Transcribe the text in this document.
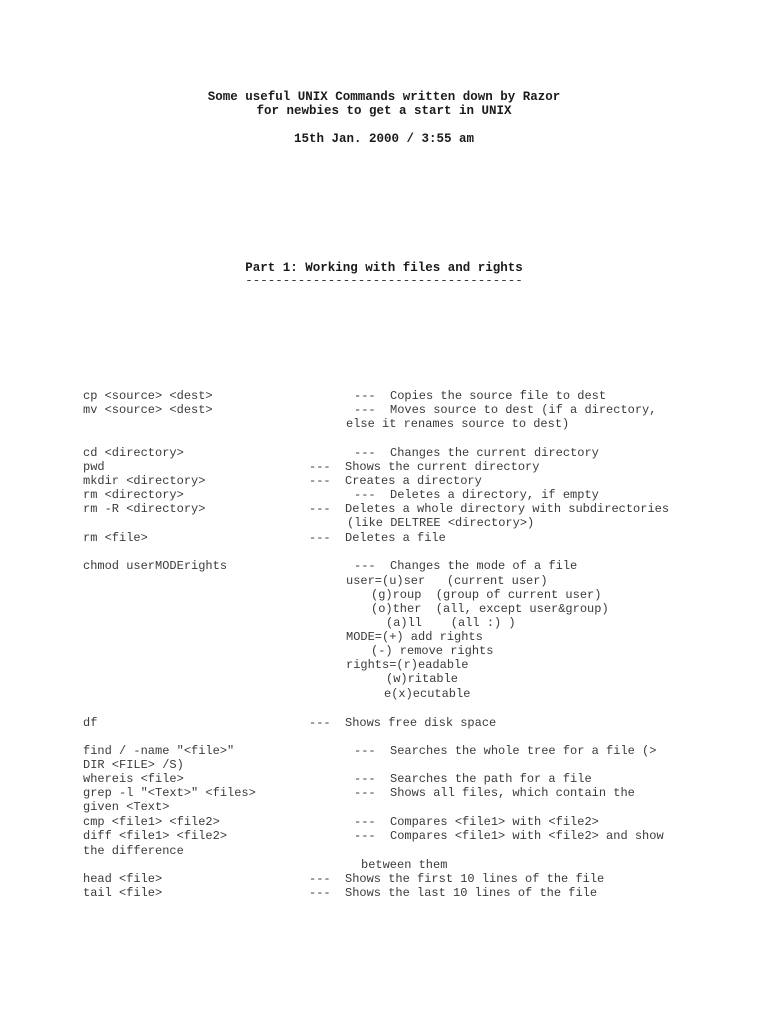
Some useful UNIX Commands written down by Razor
for newbies to get a start in UNIX
15th Jan. 2000 / 3:55 am
Part 1: Working with files and rights
-------------------------------------
cp <source> <dest>	---  Copies the source file to dest
mv <source> <dest>	---  Moves source to dest (if a directory,
else it renames source to dest)
cd <directory>	---  Changes the current directory
pwd	---  Shows the current directory
mkdir <directory>	---  Creates a directory
rm <directory>	---  Deletes a directory, if empty
rm -R <directory>	---  Deletes a whole directory with subdirectories
(like DELTREE <directory>)
rm <file>	---  Deletes a file
chmod userMODErights	---  Changes the mode of a file
user=(u)ser   (current user)
(g)roup  (group of current user)
(o)ther  (all, except user&group)
(a)ll    (all :) )
MODE=(+) add rights
(-) remove rights
rights=(r)eadable
(w)ritable
e(x)ecutable
df	---  Shows free disk space
find / -name "<file>"	---  Searches the whole tree for a file (>
DIR <FILE> /S)
whereis <file>	---  Searches the path for a file
grep -l "<Text>" <files>	---  Shows all files, which contain the
given <Text>
cmp <file1> <file2>	---  Compares <file1> with <file2>
diff <file1> <file2>	---  Compares <file1> with <file2> and show
the difference
between them
head <file>	---  Shows the first 10 lines of the file
tail <file>	---  Shows the last 10 lines of the file
